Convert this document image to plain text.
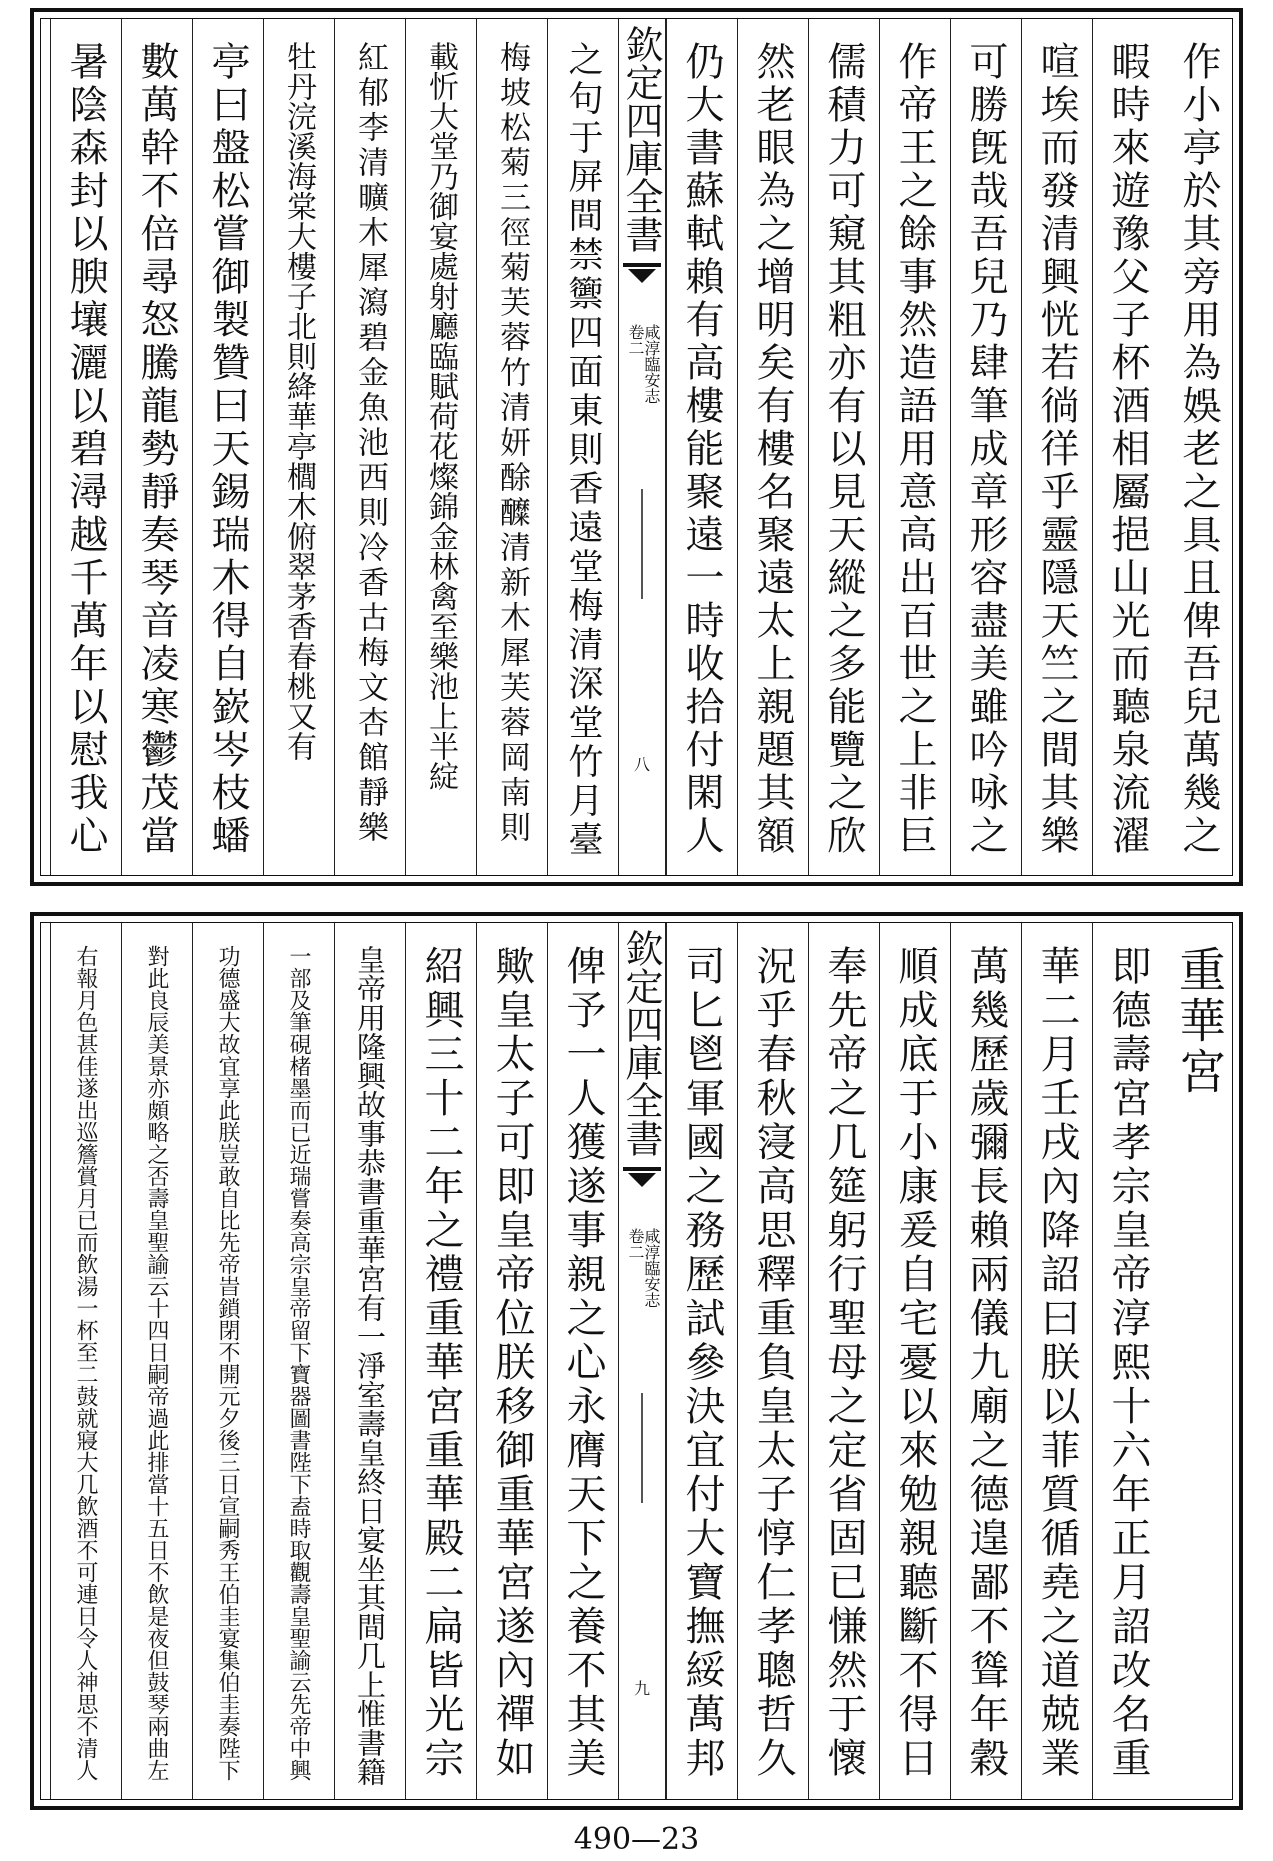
作小亭於其旁用為娛老之具且俾吾兒萬幾之
暇時來遊豫父子杯酒相屬挹山光而聽泉流濯
喧埃而發清興恍若徜徉乎靈隱天竺之間其樂
可勝旣哉吾兒乃肆筆成章形容盡美雖吟咏之
作帝王之餘事然造語用意高出百世之上非巨
儒積力可窺其粗亦有以見天縱之多能覽之欣
然老眼為之增明矣有樓名聚遠太上親題其額
仍大書蘇軾賴有高樓能聚遠一時收拾付閑人
欽定四庫全書
卷二
咸淳臨安志
八
之句于屏間禁籞四面東則香遠堂梅清深堂竹月臺
梅坡松菊三徑菊芙蓉竹清妍酴醾清新木犀芙蓉岡南則
載忻大堂乃御宴處射廳臨賦荷花燦錦金林禽至樂池上半綻
紅郁李清曠木犀瀉碧金魚池西則冷香古梅文杏館靜樂
牡丹浣溪海棠大樓子北則絳華亭櫚木俯翠茅香春桃又有
亭曰盤松嘗御製贊曰天錫瑞木得自嶔岑枝蟠
數萬幹不倍尋怒騰龍勢靜奏琴音凌寒鬱茂當
暑陰森封以腴壤灑以碧潯越千萬年以慰我心
重華宮
即德壽宮孝宗皇帝淳熙十六年正月詔改名重
華二月壬戌內降詔曰朕以菲質循堯之道兢業
萬幾歷歲彌長賴兩儀九廟之德遑鄙不聳年穀
順成底于小康爰自宅憂以來勉親聽斷不得日
奉先帝之几筵躬行聖母之定省固已慊然于懷
況乎春秋寖高思釋重負皇太子惇仁孝聰哲久
司匕鬯軍國之務歷試參決宜付大寶撫綏萬邦
欽定四庫全書
卷二
咸淳臨安志
九
俾予一人獲遂事親之心永膺天下之養不其美
歟皇太子可即皇帝位朕移御重華宮遂內禪如
紹興三十二年之禮重華宮重華殿二扁皆光宗
皇帝用隆興故事恭書重華宮有一淨室壽皇終日宴坐其間几上惟書籍
一部及筆硯楮墨而已近瑞嘗奏高宗皇帝留下寶器圖書陛下盍時取觀壽皇聖諭云先帝中興
功德盛大故宜享此朕豈敢自比先帝旹鎖閉不開元夕後三日宣嗣秀王伯圭宴集伯圭奏陛下
對此良辰美景亦頗略之否壽皇聖諭云十四日嗣帝過此排當十五日不飲是夜但鼓琴兩曲左
右報月色甚佳遂出巡簷賞月已而飲湯一杯至二鼓就寢大几飲酒不可連日令人神思不清人
490—23
